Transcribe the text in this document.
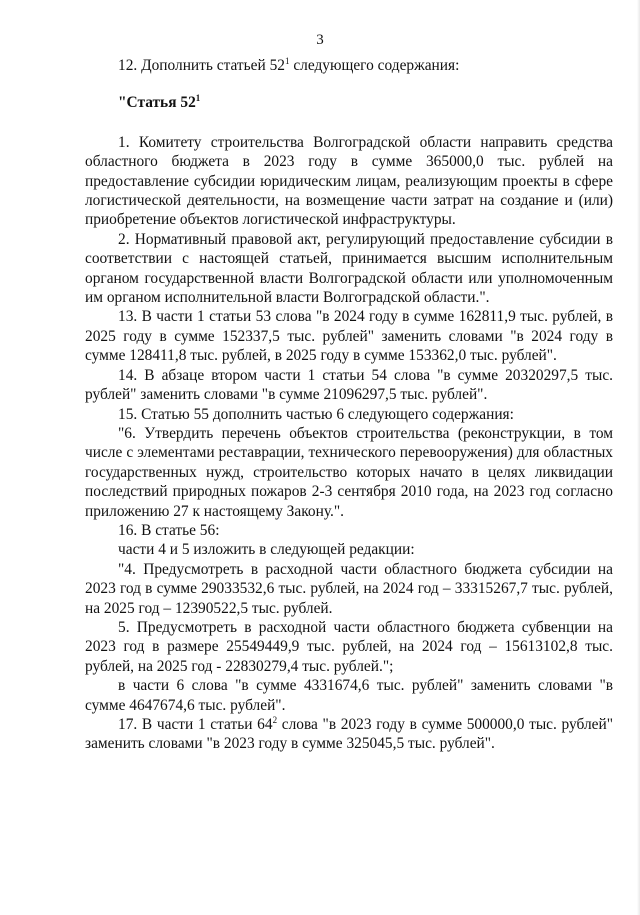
3

12. Дополнить статьей $52^1$ следующего содержания:

"Статья $52^1$

1. Комитету строительства Волгоградской области направить средства областного бюджета в 2023 году в сумме 365000,0 тыс. рублей на предоставление субсидии юридическим лицам, реализующим проекты в сфере логистической деятельности, на возмещение части затрат на создание и (или) приобретение объектов логистической инфраструктуры.

2. Нормативный правовой акт, регулирующий предоставление субсидии в соответствии с настоящей статьей, принимается высшим исполнительным органом государственной власти Волгоградской области или уполномоченным им органом исполнительной власти Волгоградской области.".

13. В части 1 статьи 53 слова "в 2024 году в сумме 162811,9 тыс. рублей, в 2025 году в сумме 152337,5 тыс. рублей" заменить словами "в 2024 году в сумме 128411,8 тыс. рублей, в 2025 году в сумме 153362,0 тыс. рублей".

14. В абзаце втором части 1 статьи 54 слова "в сумме 20320297,5 тыс. рублей" заменить словами "в сумме 21096297,5 тыс. рублей".

15. Статью 55 дополнить частью 6 следующего содержания:

"6. Утвердить перечень объектов строительства (реконструкции, в том числе с элементами реставрации, технического перевооружения) для областных государственных нужд, строительство которых начато в целях ликвидации последствий природных пожаров 2-3 сентября 2010 года, на 2023 год согласно приложению 27 к настоящему Закону.".

16. В статье 56:

части 4 и 5 изложить в следующей редакции:

"4. Предусмотреть в расходной части областного бюджета субсидии на 2023 год в сумме 29033532,6 тыс. рублей, на 2024 год – 33315267,7 тыс. рублей, на 2025 год – 12390522,5 тыс. рублей.

5. Предусмотреть в расходной части областного бюджета субвенции на 2023 год в размере 25549449,9 тыс. рублей, на 2024 год – 15613102,8 тыс. рублей, на 2025 год - 22830279,4 тыс. рублей.";

в части 6 слова "в сумме 4331674,6 тыс. рублей" заменить словами "в сумме 4647674,6 тыс. рублей".

17. В части 1 статьи $64^2$ слова "в 2023 году в сумме 500000,0 тыс. рублей" заменить словами "в 2023 году в сумме 325045,5 тыс. рублей".
